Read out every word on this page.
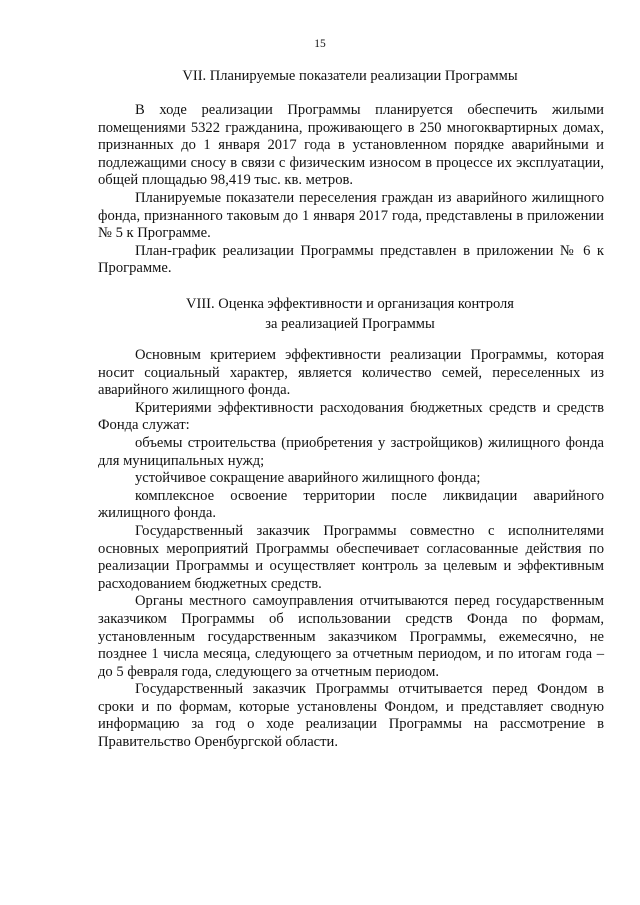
15
VII. Планируемые показатели реализации Программы

В ходе реализации Программы планируется обеспечить жилыми помещениями 5322 гражданина, проживающего в 250 многоквартирных домах, признанных до 1 января 2017 года в установленном порядке аварийными и подлежащими сносу в связи с физическим износом в процессе их эксплуатации, общей площадью 98,419 тыс. кв. метров.

Планируемые показатели переселения граждан из аварийного жилищного фонда, признанного таковым до 1 января 2017 года, представлены в приложении № 5 к Программе.

План-график реализации Программы представлен в приложении № 6 к Программе.

VIII. Оценка эффективности и организация контроля
за реализацией Программы

Основным критерием эффективности реализации Программы, которая носит социальный характер, является количество семей, переселенных из аварийного жилищного фонда.

Критериями эффективности расходования бюджетных средств и средств Фонда служат:

объемы строительства (приобретения у застройщиков) жилищного фонда для муниципальных нужд;

устойчивое сокращение аварийного жилищного фонда;

комплексное освоение территории после ликвидации аварийного жилищного фонда.

Государственный заказчик Программы совместно с исполнителями основных мероприятий Программы обеспечивает согласованные действия по реализации Программы и осуществляет контроль за целевым и эффективным расходованием бюджетных средств.

Органы местного самоуправления отчитываются перед государственным заказчиком Программы об использовании средств Фонда по формам, установленным государственным заказчиком Программы, ежемесячно, не позднее 1 числа месяца, следующего за отчетным периодом, и по итогам года – до 5 февраля года, следующего за отчетным периодом.

Государственный заказчик Программы отчитывается перед Фондом в сроки и по формам, которые установлены Фондом, и представляет сводную информацию за год о ходе реализации Программы на рассмотрение в Правительство Оренбургской области.
